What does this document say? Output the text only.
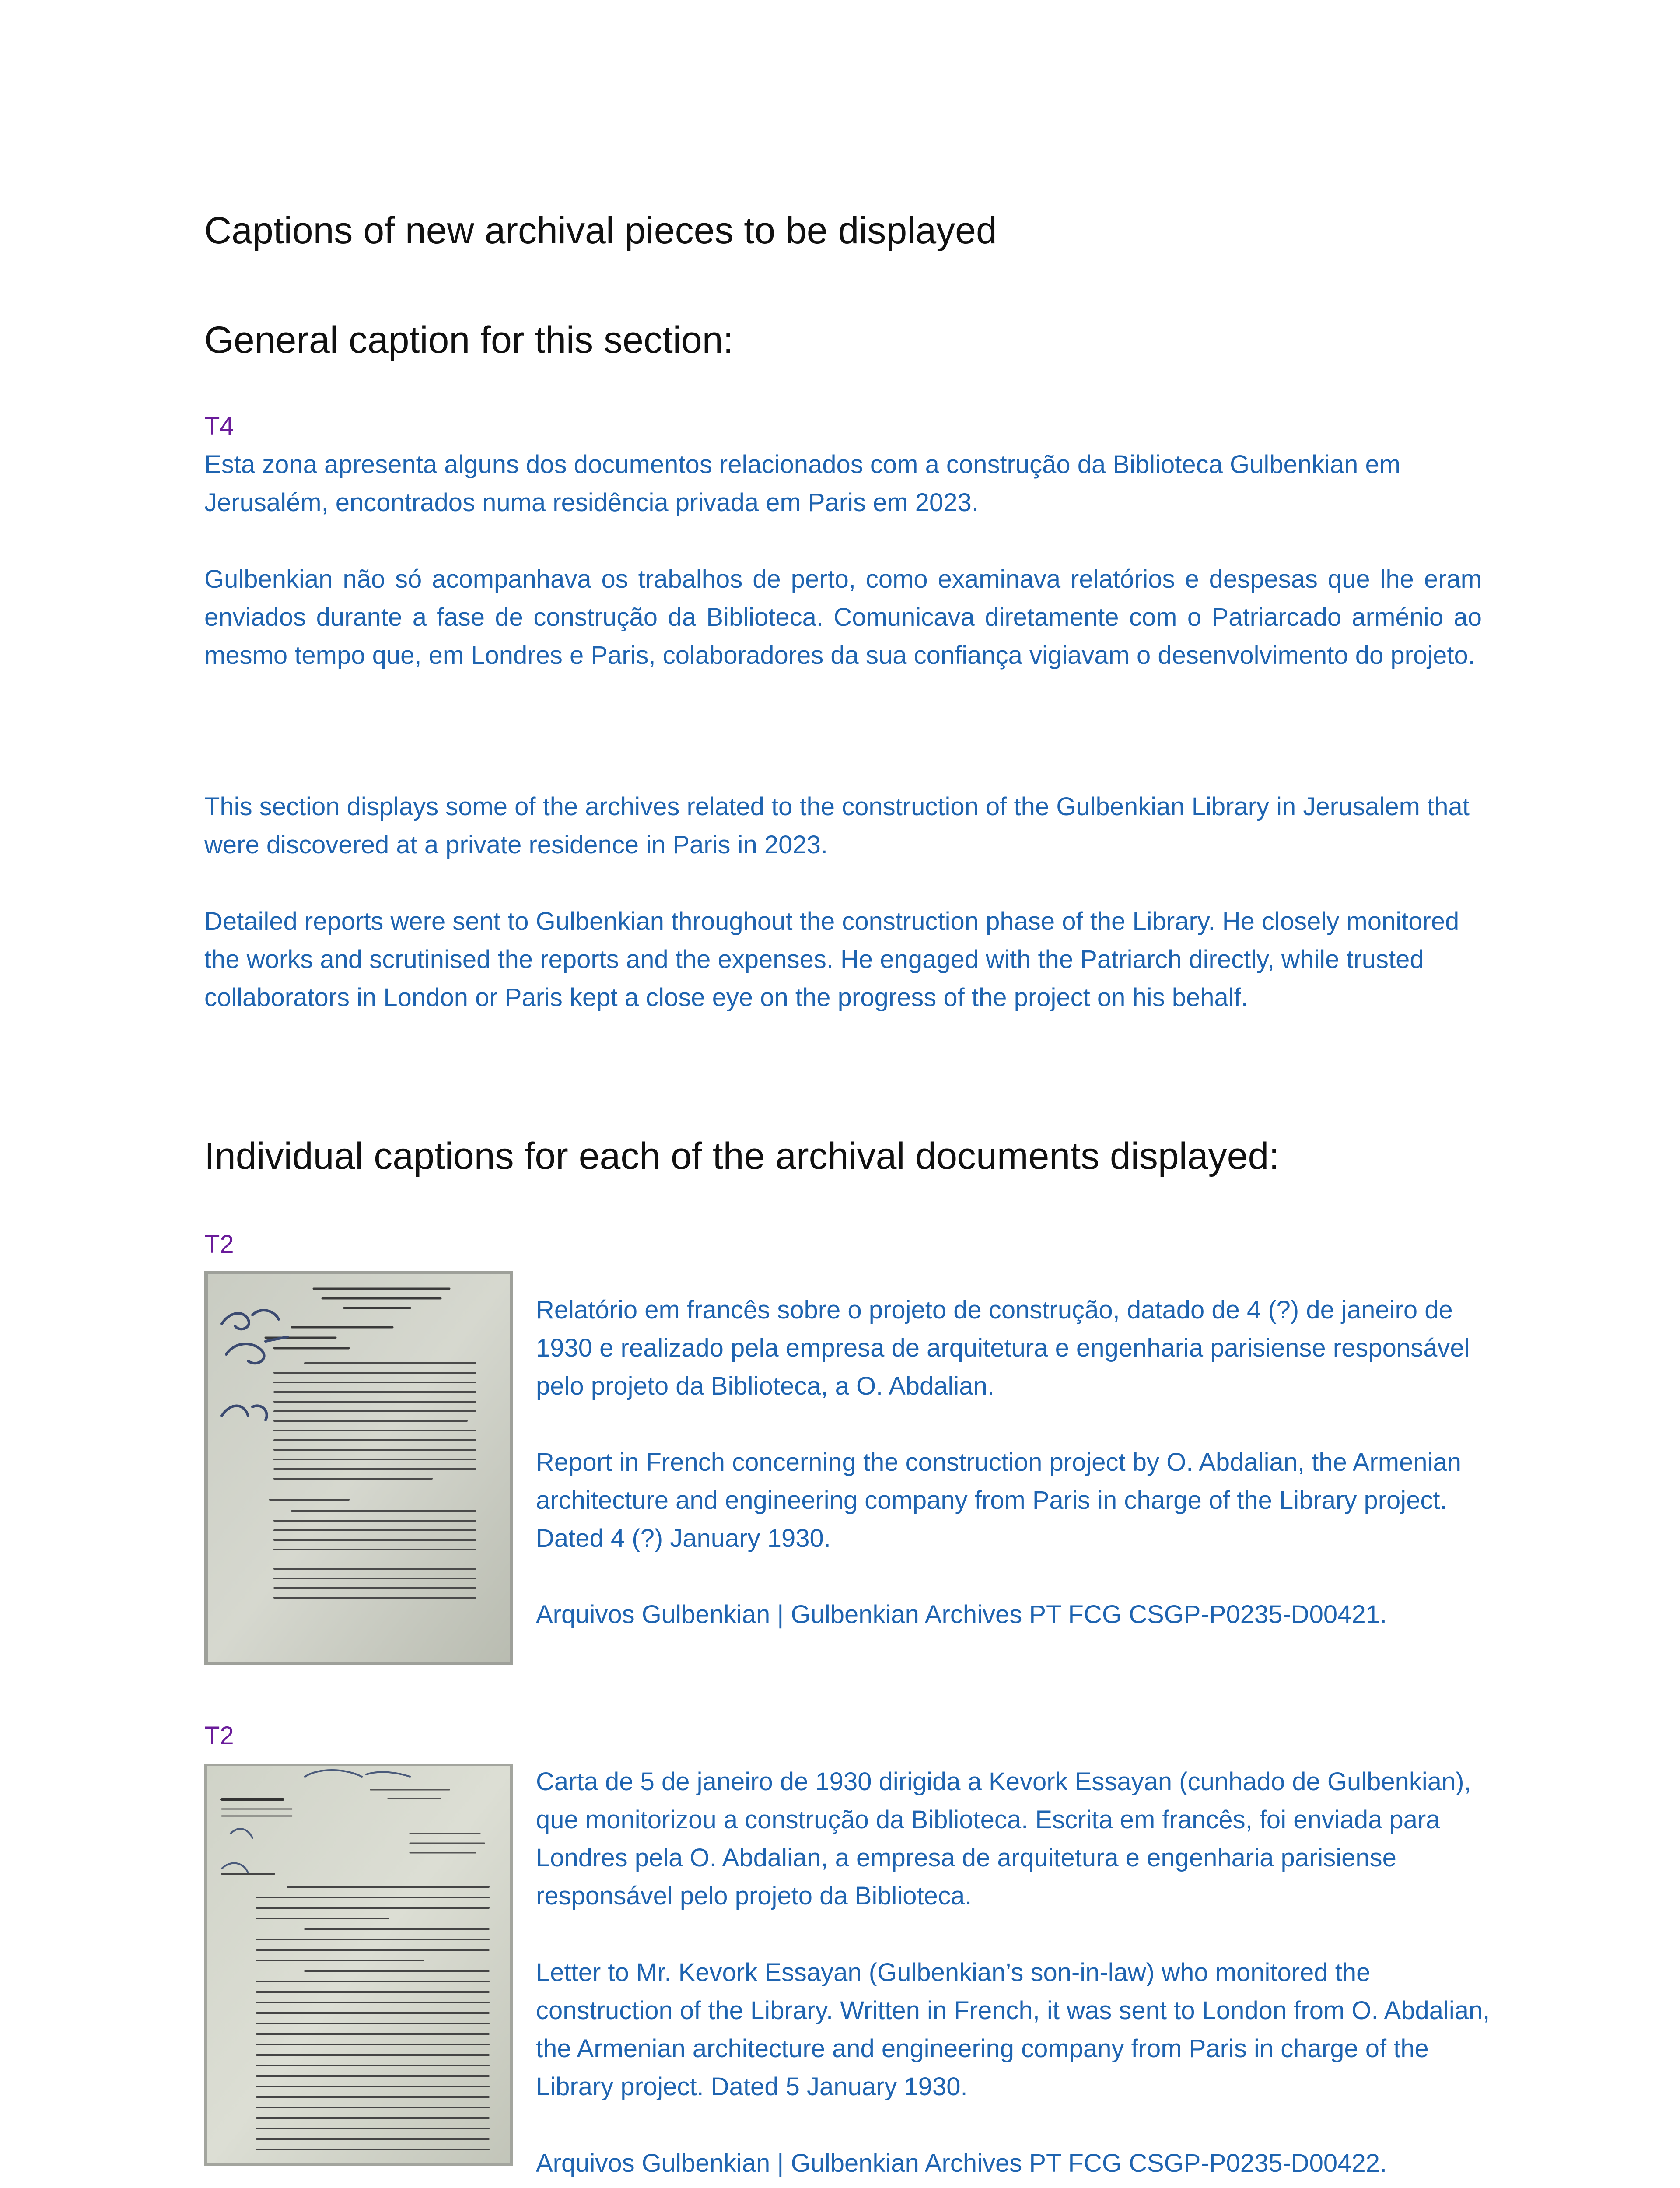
Captions of new archival pieces to be displayed
General caption for this section:
T4

Esta zona apresenta alguns dos documentos relacionados com a construção da Biblioteca Gulbenkian em Jerusalém, encontrados numa residência privada em Paris em 2023.

Gulbenkian não só acompanhava os trabalhos de perto, como examinava relatórios e despesas que lhe eram enviados durante a fase de construção da Biblioteca. Comunicava diretamente com o Patriarcado arménio ao mesmo tempo que, em Londres e Paris, colaboradores da sua confiança vigiavam o desenvolvimento do projeto.

This section displays some of the archives related to the construction of the Gulbenkian Library in Jerusalem that were discovered at a private residence in Paris in 2023.

Detailed reports were sent to Gulbenkian throughout the construction phase of the Library. He closely monitored the works and scrutinised the reports and the expenses. He engaged with the Patriarch directly, while trusted collaborators in London or Paris kept a close eye on the progress of the project on his behalf.

Individual captions for each of the archival documents displayed:
T2

Relatório em francês sobre o projeto de construção, datado de 4 (?) de janeiro de 1930 e realizado pela empresa de arquitetura e engenharia parisiense responsável pelo projeto da Biblioteca, a O. Abdalian.

Report in French concerning the construction project by O. Abdalian, the Armenian architecture and engineering company from Paris in charge of the Library project. Dated 4 (?) January 1930.

Arquivos Gulbenkian | Gulbenkian Archives PT FCG CSGP-P0235-D00421.

T2

Carta de 5 de janeiro de 1930 dirigida a Kevork Essayan (cunhado de Gulbenkian), que monitorizou a construção da Biblioteca. Escrita em francês, foi enviada para Londres pela O. Abdalian, a empresa de arquitetura e engenharia parisiense responsável pelo projeto da Biblioteca.

Letter to Mr. Kevork Essayan (Gulbenkian’s son-in-law) who monitored the construction of the Library. Written in French, it was sent to London from O. Abdalian, the Armenian architecture and engineering company from Paris in charge of the Library project. Dated 5 January 1930.

Arquivos Gulbenkian | Gulbenkian Archives PT FCG CSGP-P0235-D00422.
